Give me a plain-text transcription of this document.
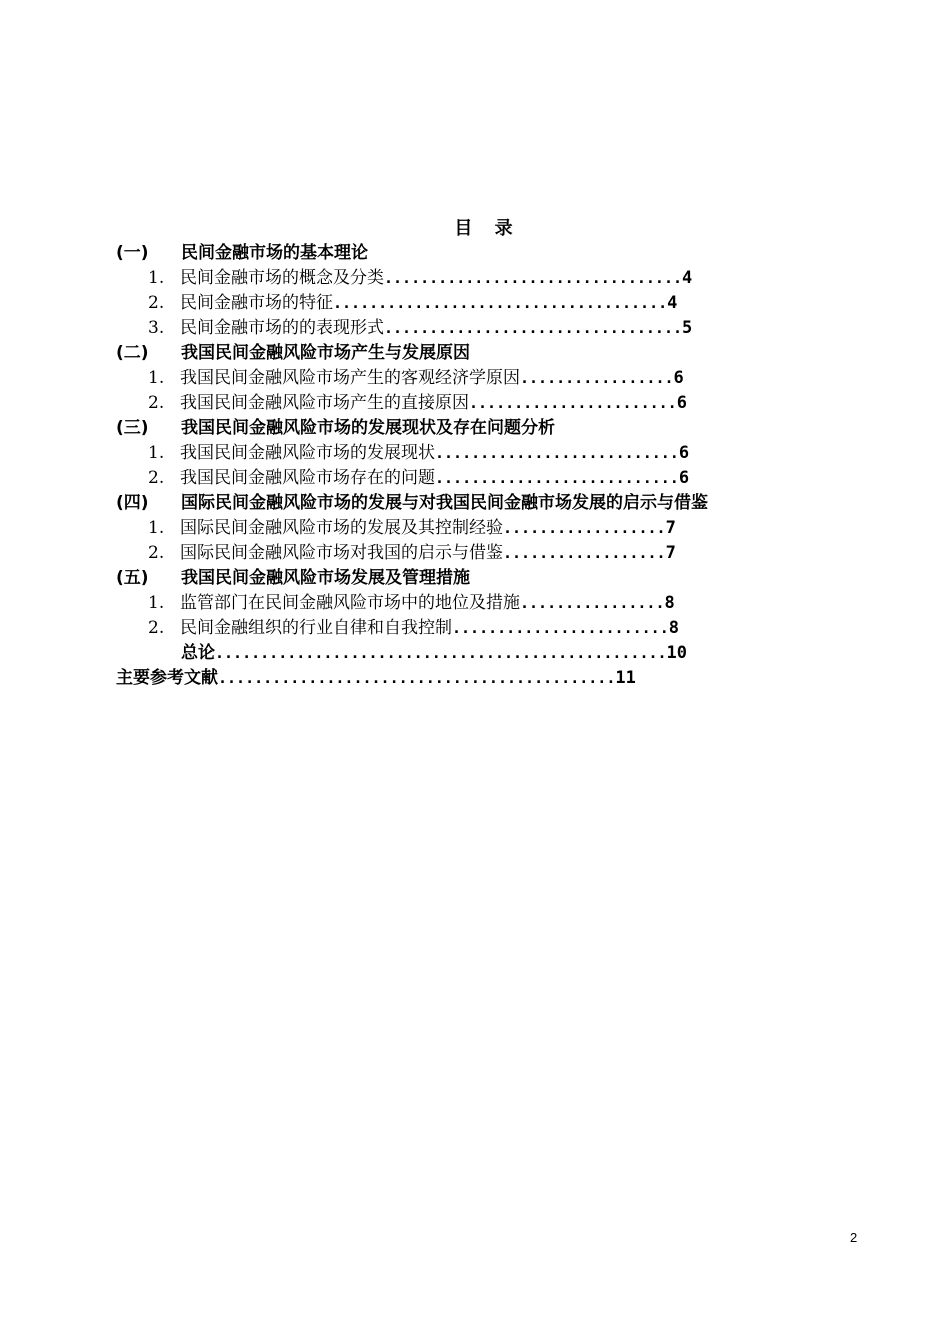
目 录
(一) 民间金融市场的基本理论
1. 民间金融市场的概念及分类.................................4
2. 民间金融市场的特征.....................................4
3. 民间金融市场的的表现形式.................................5
(二) 我国民间金融风险市场产生与发展原因
1. 我国民间金融风险市场产生的客观经济学原因.................6
2. 我国民间金融风险市场产生的直接原因.......................6
(三) 我国民间金融风险市场的发展现状及存在问题分析
1. 我国民间金融风险市场的发展现状...........................6
2. 我国民间金融风险市场存在的问题...........................6
(四) 国际民间金融风险市场的发展与对我国民间金融市场发展的启示与借鉴
1. 国际民间金融风险市场的发展及其控制经验..................7
2. 国际民间金融风险市场对我国的启示与借鉴..................7
(五) 我国民间金融风险市场发展及管理措施
1. 监管部门在民间金融风险市场中的地位及措施................8
2. 民间金融组织的行业自律和自我控制........................8
总论..................................................10
主要参考文献............................................11
2
